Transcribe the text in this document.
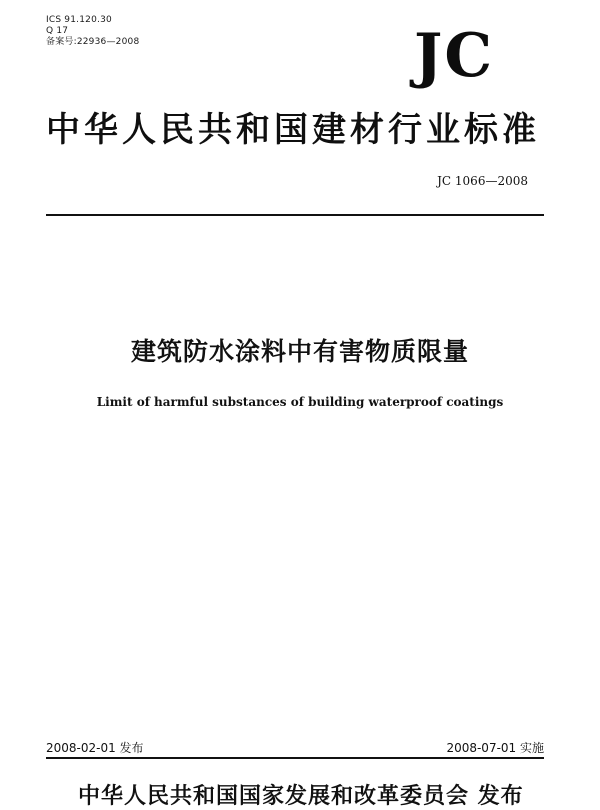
ICS 91.120.30
Q 17
备案号:22936—2008	JC
中华人民共和国建材行业标准
JC 1066—2008
建筑防水涂料中有害物质限量
Limit of harmful substances of building waterproof coatings
2008-02-01 发布	2008-07-01 实施
中华人民共和国国家发展和改革委员会 发布
